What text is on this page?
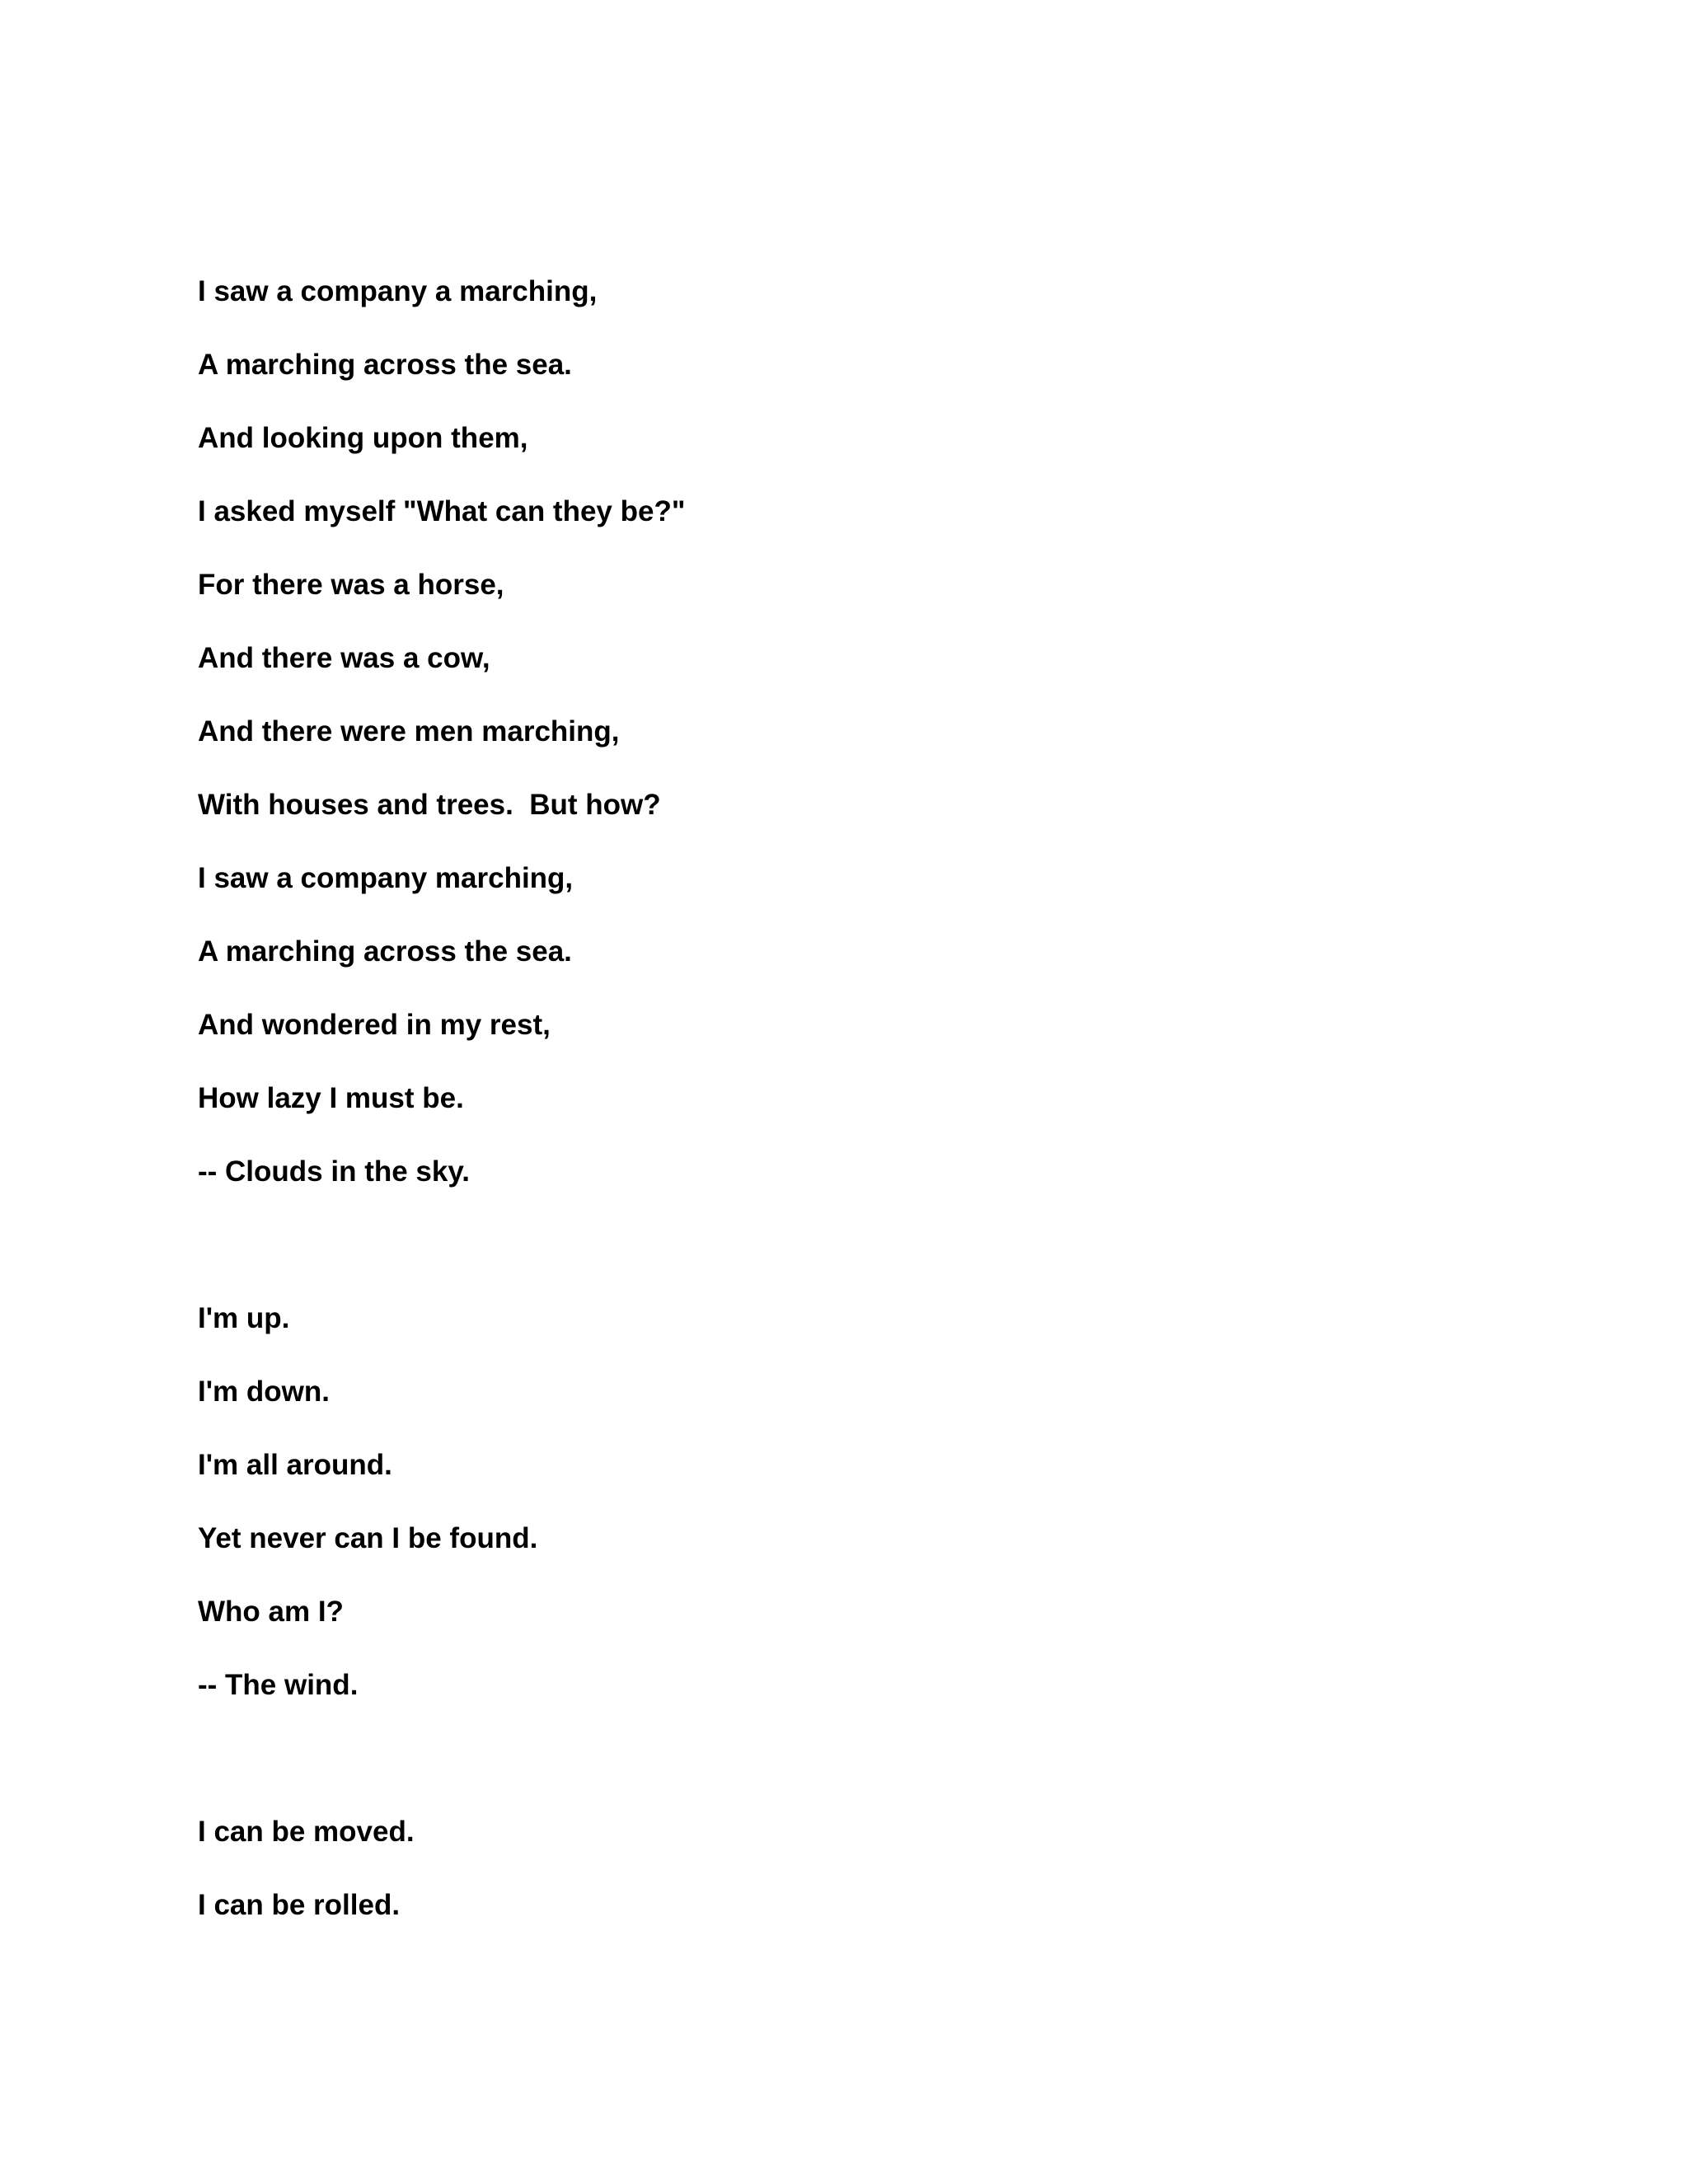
I saw a company a marching,

A marching across the sea.

And looking upon them,

I asked myself "What can they be?"

For there was a horse,

And there was a cow,

And there were men marching,

With houses and trees.  But how?

I saw a company marching,

A marching across the sea.

And wondered in my rest,

How lazy I must be.

-- Clouds in the sky.

I'm up.

I'm down.

I'm all around.

Yet never can I be found.

Who am I?

-- The wind.

I can be moved.

I can be rolled.
